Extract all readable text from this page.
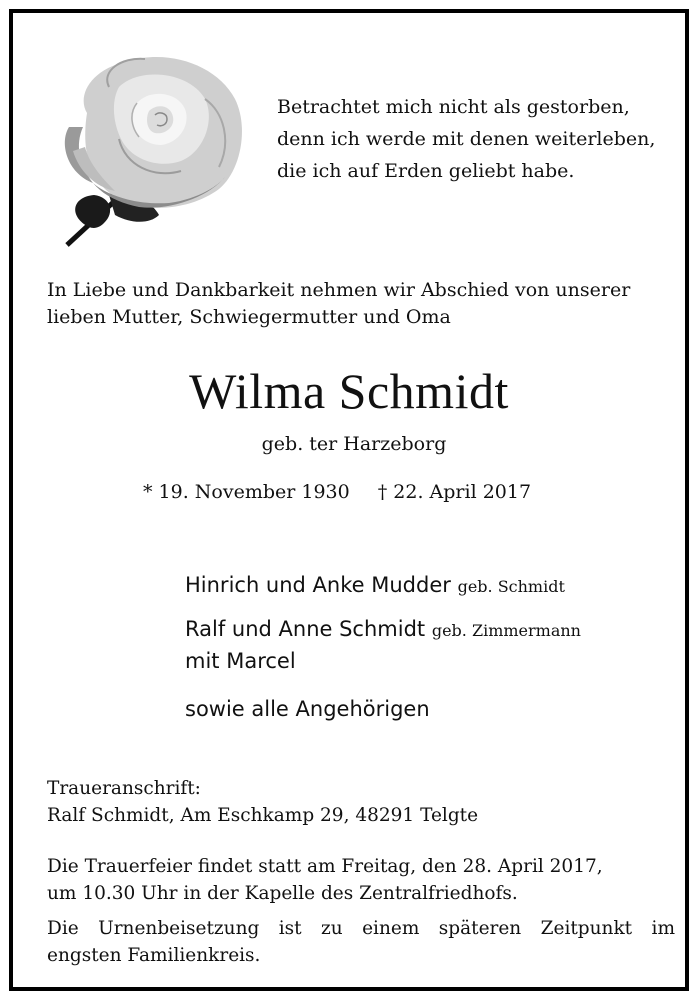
Betrachtet mich nicht als gestorben,
denn ich werde mit denen weiterleben,
die ich auf Erden geliebt habe.
In Liebe und Dankbarkeit nehmen wir Abschied von unserer
lieben Mutter, Schwiegermutter und Oma
Wilma Schmidt
geb. ter Harzeborg
* 19. November 1930 † 22. April 2017
Hinrich und Anke Mudder geb. Schmidt
Ralf und Anne Schmidt geb. Zimmermann
mit Marcel
sowie alle Angehörigen
Traueranschrift:
Ralf Schmidt, Am Eschkamp 29, 48291 Telgte
Die Trauerfeier findet statt am Freitag, den 28. April 2017,
um 10.30 Uhr in der Kapelle des Zentralfriedhofs.
Die Urnenbeisetzung ist zu einem späteren Zeitpunkt im
engsten Familienkreis.
